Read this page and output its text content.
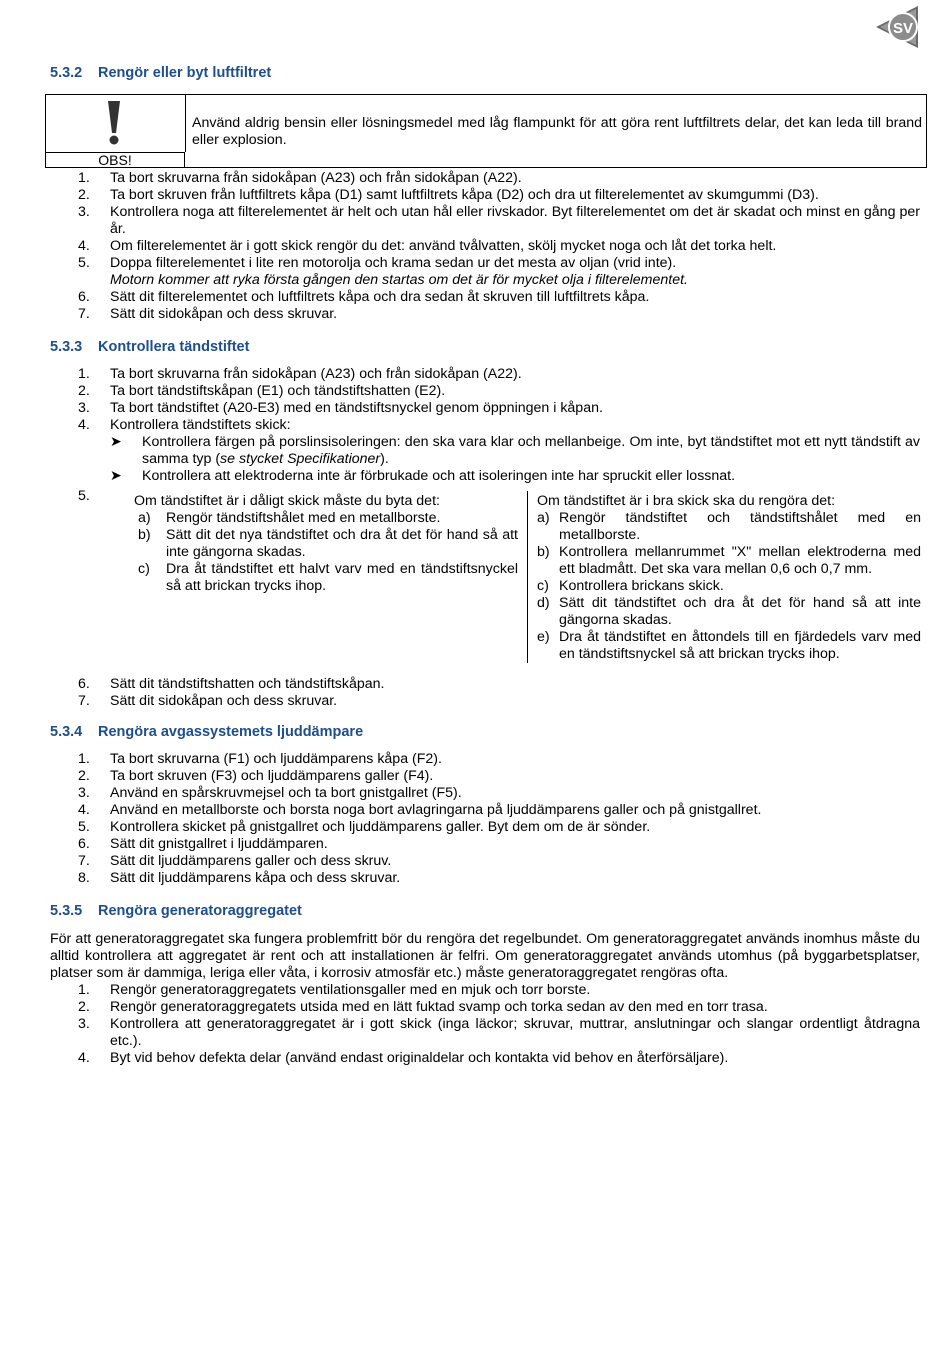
SV
5.3.2 Rengör eller byt luftfiltret
OBS!
Använd aldrig bensin eller lösningsmedel med låg flampunkt för att göra rent luftfiltrets delar, det kan leda till brand eller explosion.
1. Ta bort skruvarna från sidokåpan (A23) och från sidokåpan (A22).
2. Ta bort skruven från luftfiltrets kåpa (D1) samt luftfiltrets kåpa (D2) och dra ut filterelementet av skumgummi (D3).
3. Kontrollera noga att filterelementet är helt och utan hål eller rivskador. Byt filterelementet om det är skadat och minst en gång per år.
4. Om filterelementet är i gott skick rengör du det: använd tvålvatten, skölj mycket noga och låt det torka helt.
5. Doppa filterelementet i lite ren motorolja och krama sedan ur det mesta av oljan (vrid inte).
Motorn kommer att ryka första gången den startas om det är för mycket olja i filterelementet.
6. Sätt dit filterelementet och luftfiltrets kåpa och dra sedan åt skruven till luftfiltrets kåpa.
7. Sätt dit sidokåpan och dess skruvar.
5.3.3 Kontrollera tändstiftet
1. Ta bort skruvarna från sidokåpan (A23) och från sidokåpan (A22).
2. Ta bort tändstiftskåpan (E1) och tändstiftshatten (E2).
3. Ta bort tändstiftet (A20-E3) med en tändstiftsnyckel genom öppningen i kåpan.
4. Kontrollera tändstiftets skick:
➤ Kontrollera färgen på porslinsisoleringen: den ska vara klar och mellanbeige. Om inte, byt tändstiftet mot ett nytt tändstift av samma typ (se stycket Specifikationer).
➤ Kontrollera att elektroderna inte är förbrukade och att isoleringen inte har spruckit eller lossnat.
5.	Om tändstiftet är i dåligt skick måste du byta det:

a) Rengör tändstiftshålet med en metallborste.
b) Sätt dit det nya tändstiftet och dra åt det för hand så att inte gängorna skadas.
c) Dra åt tändstiftet ett halvt varv med en tändstiftsnyckel så att brickan trycks ihop.

Om tändstiftet är i bra skick ska du rengöra det:

a) Rengör tändstiftet och tändstiftshålet med en metallborste.
b) Kontrollera mellanrummet "X" mellan elektroderna med ett bladmått. Det ska vara mellan 0,6 och 0,7 mm.
c) Kontrollera brickans skick.
d) Sätt dit tändstiftet och dra åt det för hand så att inte gängorna skadas.
e) Dra åt tändstiftet en åttondels till en fjärdedels varv med en tändstiftsnyckel så att brickan trycks ihop.
6. Sätt dit tändstiftshatten och tändstiftskåpan.
7. Sätt dit sidokåpan och dess skruvar.
5.3.4 Rengöra avgassystemets ljuddämpare
1. Ta bort skruvarna (F1) och ljuddämparens kåpa (F2).
2. Ta bort skruven (F3) och ljuddämparens galler (F4).
3. Använd en spårskruvmejsel och ta bort gnistgallret (F5).
4. Använd en metallborste och borsta noga bort avlagringarna på ljuddämparens galler och på gnistgallret.
5. Kontrollera skicket på gnistgallret och ljuddämparens galler. Byt dem om de är sönder.
6. Sätt dit gnistgallret i ljuddämparen.
7. Sätt dit ljuddämparens galler och dess skruv.
8. Sätt dit ljuddämparens kåpa och dess skruvar.
5.3.5 Rengöra generatoraggregatet
För att generatoraggregatet ska fungera problemfritt bör du rengöra det regelbundet. Om generatoraggregatet används inomhus måste du alltid kontrollera att aggregatet är rent och att installationen är felfri. Om generatoraggregatet används utomhus (på byggarbetsplatser, platser som är dammiga, leriga eller våta, i korrosiv atmosfär etc.) måste generatoraggregatet rengöras ofta.
1. Rengör generatoraggregatets ventilationsgaller med en mjuk och torr borste.
2. Rengör generatoraggregatets utsida med en lätt fuktad svamp och torka sedan av den med en torr trasa.
3. Kontrollera att generatoraggregatet är i gott skick (inga läckor; skruvar, muttrar, anslutningar och slangar ordentligt åtdragna etc.).
4. Byt vid behov defekta delar (använd endast originaldelar och kontakta vid behov en återförsäljare).
